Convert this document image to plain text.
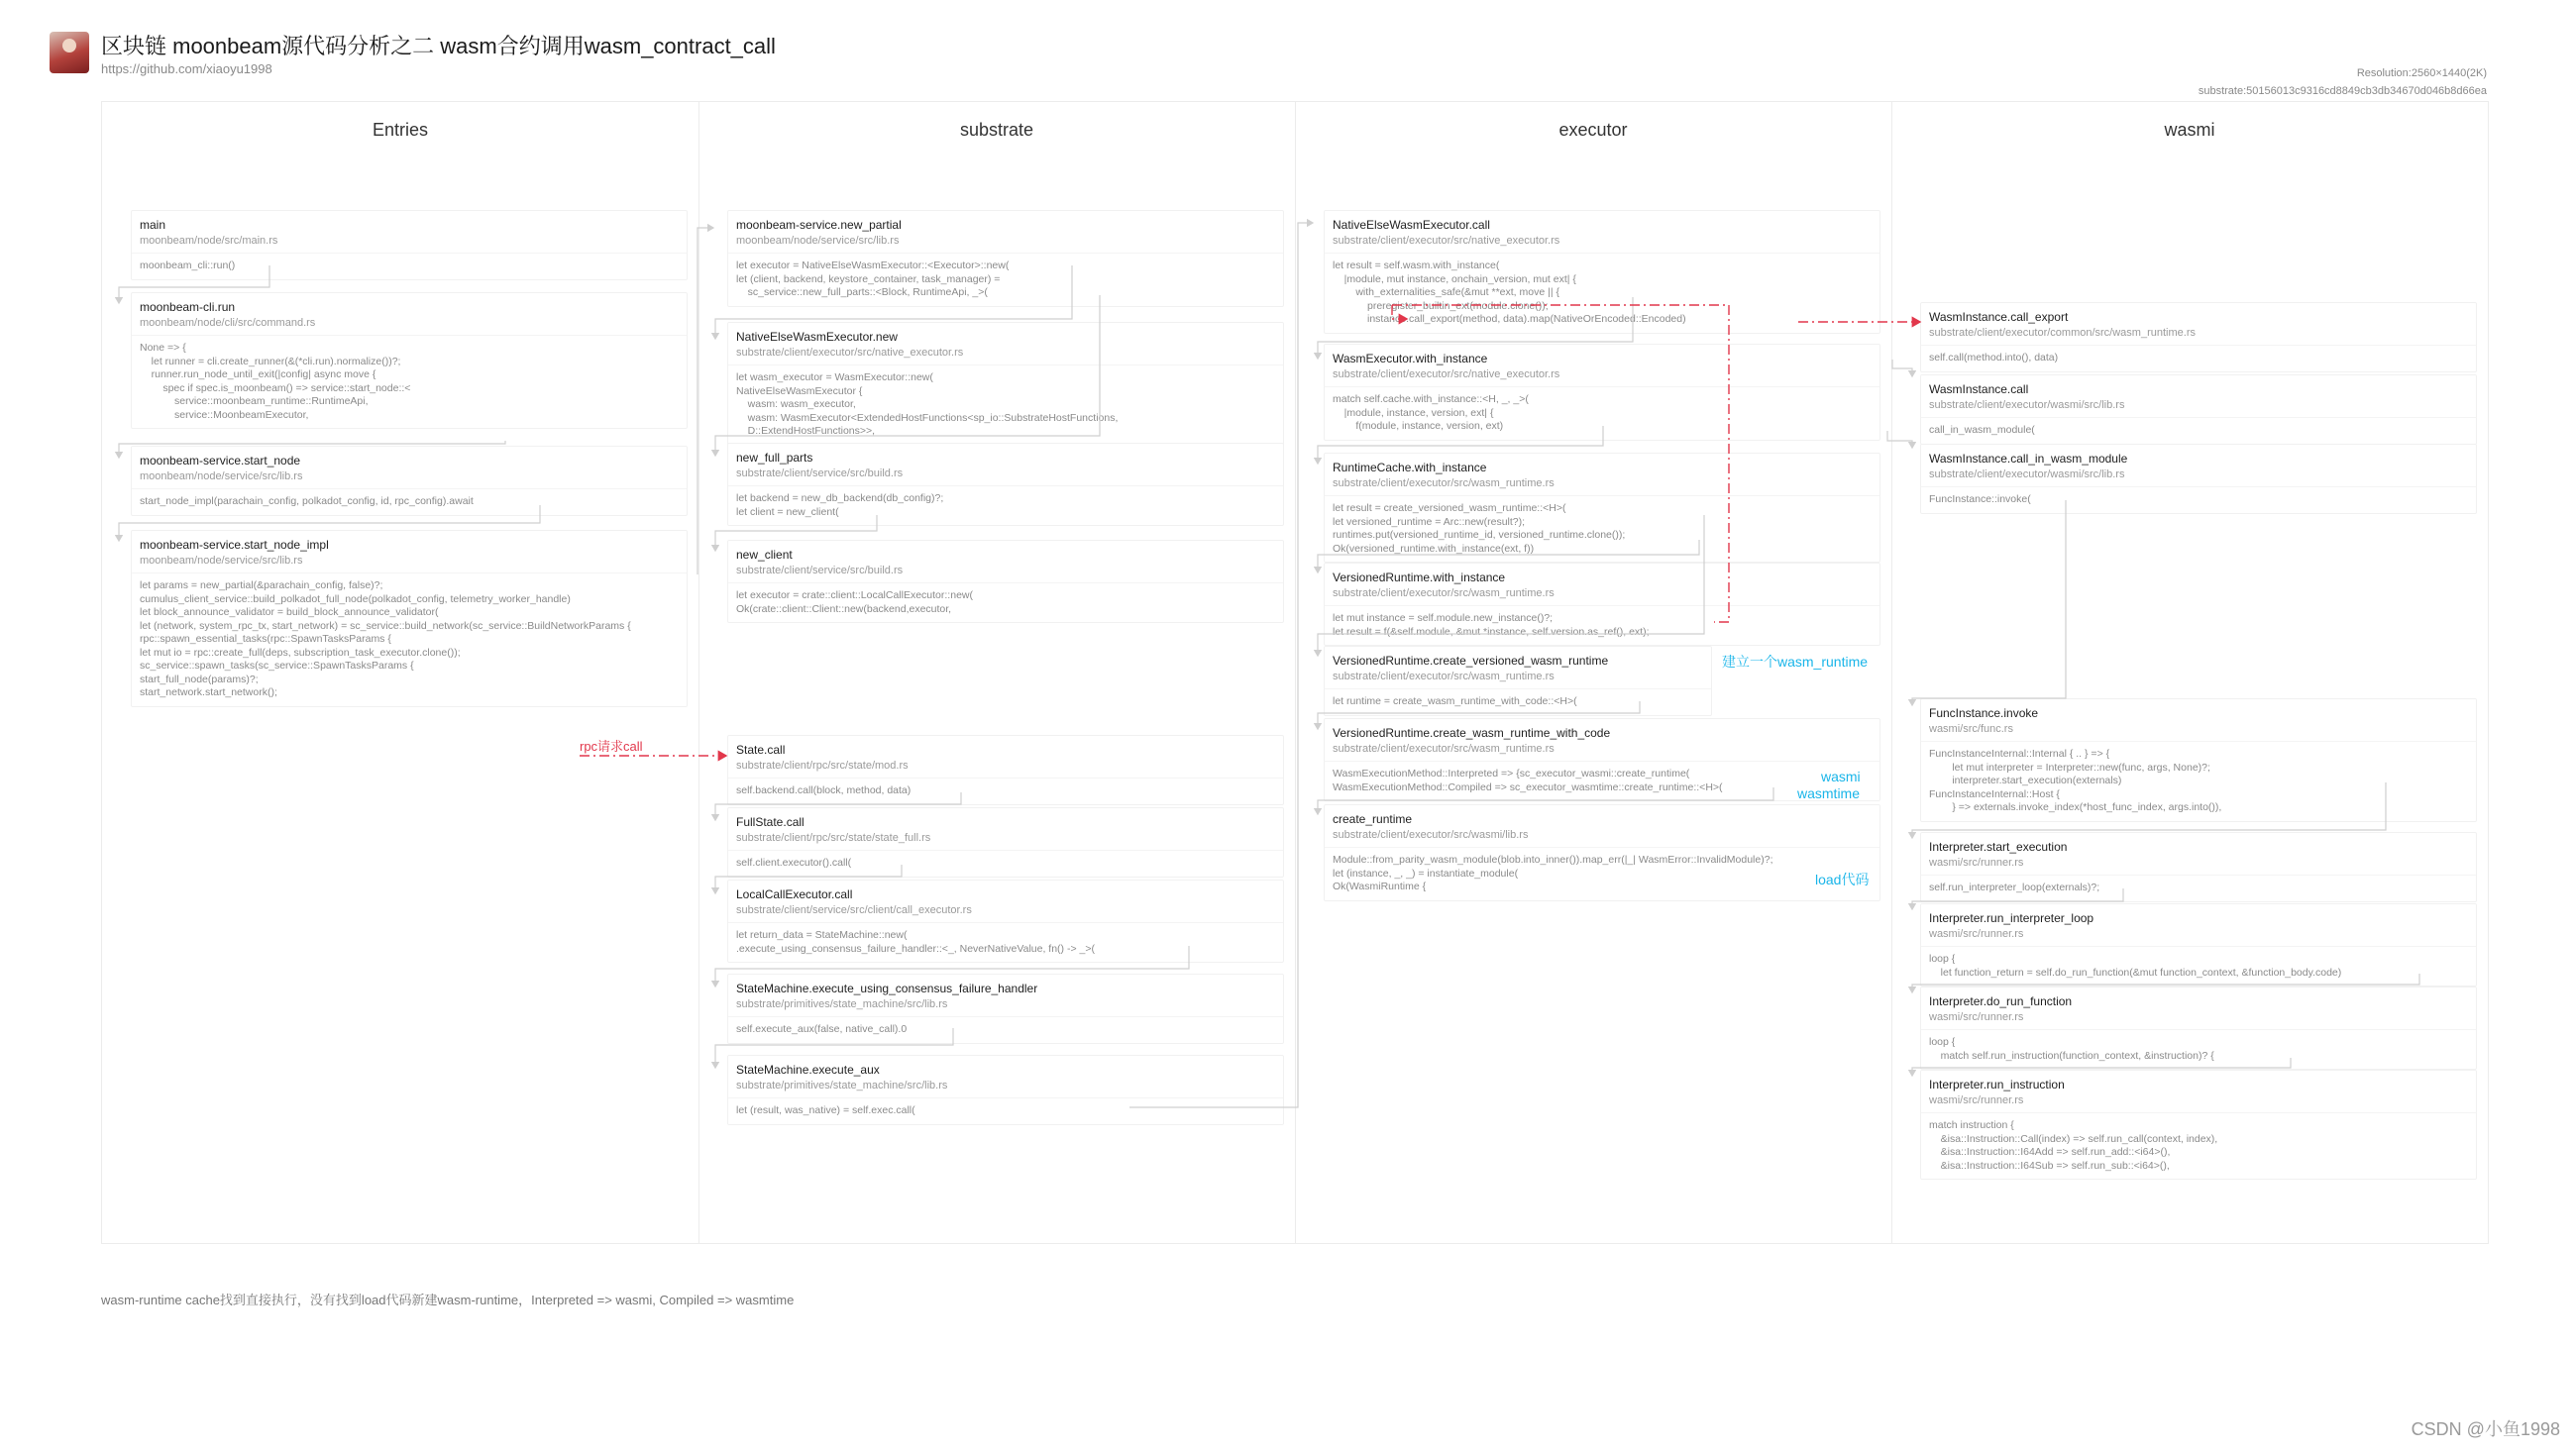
区块链 moonbeam源代码分析之二 wasm合约调用wasm_contract_call
https://github.com/xiaoyu1998	Resolution:2560×1440(2K)
substrate:50156013c9316cd8849cb3db34670d046b8d66ea
Entries	substrate	executor	wasmi
main
moonbeam/node/src/main.rs
moonbeam_cli::run()
moonbeam-cli.run
moonbeam/node/cli/src/command.rs
None => {
let runner = cli.create_runner(&(*cli.run).normalize())?;
runner.run_node_until_exit(|config| async move {
spec if spec.is_moonbeam() => service::start_node::<
service::moonbeam_runtime::RuntimeApi,
service::MoonbeamExecutor,
moonbeam-service.start_node
moonbeam/node/service/src/lib.rs
start_node_impl(parachain_config, polkadot_config, id, rpc_config).await
moonbeam-service.start_node_impl
moonbeam/node/service/src/lib.rs
let params = new_partial(&parachain_config, false)?;
cumulus_client_service::build_polkadot_full_node(polkadot_config, telemetry_worker_handle)
let block_announce_validator = build_block_announce_validator(
let (network, system_rpc_tx, start_network) = sc_service::build_network(sc_service::BuildNetworkParams {
rpc::spawn_essential_tasks(rpc::SpawnTasksParams {
let mut io = rpc::create_full(deps, subscription_task_executor.clone());
sc_service::spawn_tasks(sc_service::SpawnTasksParams {
start_full_node(params)?;
start_network.start_network();
moonbeam-service.new_partial
moonbeam/node/service/src/lib.rs
let executor = NativeElseWasmExecutor::<Executor>::new(
let (client, backend, keystore_container, task_manager) =
sc_service::new_full_parts::<Block, RuntimeApi, _>(
NativeElseWasmExecutor.new
substrate/client/executor/src/native_executor.rs
let wasm_executor = WasmExecutor::new(
NativeElseWasmExecutor {
wasm: wasm_executor,
wasm: WasmExecutor<ExtendedHostFunctions<sp_io::SubstrateHostFunctions,
D::ExtendHostFunctions>>,
new_full_parts
substrate/client/service/src/build.rs
let backend = new_db_backend(db_config)?;
let client = new_client(
new_client
substrate/client/service/src/build.rs
let executor = crate::client::LocalCallExecutor::new(
Ok(crate::client::Client::new(backend,executor,
State.call
substrate/client/rpc/src/state/mod.rs
self.backend.call(block, method, data)
FullState.call
substrate/client/rpc/src/state/state_full.rs
self.client.executor().call(
LocalCallExecutor.call
substrate/client/service/src/client/call_executor.rs
let return_data = StateMachine::new(
.execute_using_consensus_failure_handler::<_, NeverNativeValue, fn() -> _>(
StateMachine.execute_using_consensus_failure_handler
substrate/primitives/state_machine/src/lib.rs
self.execute_aux(false, native_call).0
StateMachine.execute_aux
substrate/primitives/state_machine/src/lib.rs
let (result, was_native) = self.exec.call(
NativeElseWasmExecutor.call
substrate/client/executor/src/native_executor.rs
let result = self.wasm.with_instance(
|module, mut instance, onchain_version, mut ext| {
with_externalities_safe(&mut **ext, move || {
preregister_builtin_ext(module.clone());
instance.call_export(method, data).map(NativeOrEncoded::Encoded)
WasmExecutor.with_instance
substrate/client/executor/src/native_executor.rs
match self.cache.with_instance::<H, _, _>(
|module, instance, version, ext| {
f(module, instance, version, ext)
RuntimeCache.with_instance
substrate/client/executor/src/wasm_runtime.rs
let result = create_versioned_wasm_runtime::<H>(
let versioned_runtime = Arc::new(result?);
runtimes.put(versioned_runtime_id, versioned_runtime.clone());
Ok(versioned_runtime.with_instance(ext, f))
VersionedRuntime.with_instance
substrate/client/executor/src/wasm_runtime.rs
let mut instance = self.module.new_instance()?;
let result = f(&self.module, &mut *instance, self.version.as_ref(), ext);
VersionedRuntime.create_versioned_wasm_runtime
substrate/client/executor/src/wasm_runtime.rs
let runtime = create_wasm_runtime_with_code::<H>(
VersionedRuntime.create_wasm_runtime_with_code
substrate/client/executor/src/wasm_runtime.rs
WasmExecutionMethod::Interpreted => {sc_executor_wasmi::create_runtime(
WasmExecutionMethod::Compiled => sc_executor_wasmtime::create_runtime::<H>(
create_runtime
substrate/client/executor/src/wasmi/lib.rs
Module::from_parity_wasm_module(blob.into_inner()).map_err(|_| WasmError::InvalidModule)?;
let (instance, _, _) = instantiate_module(
Ok(WasmiRuntime {
WasmInstance.call_export
substrate/client/executor/common/src/wasm_runtime.rs
self.call(method.into(), data)
WasmInstance.call
substrate/client/executor/wasmi/src/lib.rs
call_in_wasm_module(
WasmInstance.call_in_wasm_module
substrate/client/executor/wasmi/src/lib.rs
FuncInstance::invoke(
FuncInstance.invoke
wasmi/src/func.rs
FuncInstanceInternal::Internal { .. } => {
let mut interpreter = Interpreter::new(func, args, None)?;
interpreter.start_execution(externals)
FuncInstanceInternal::Host {
} => externals.invoke_index(*host_func_index, args.into()),
Interpreter.start_execution
wasmi/src/runner.rs
self.run_interpreter_loop(externals)?;
Interpreter.run_interpreter_loop
wasmi/src/runner.rs
loop {
let function_return = self.do_run_function(&mut function_context, &function_body.code)
Interpreter.do_run_function
wasmi/src/runner.rs
loop {
match self.run_instruction(function_context, &instruction)? {
Interpreter.run_instruction
wasmi/src/runner.rs
match instruction {
&isa::Instruction::Call(index) => self.run_call(context, index),
&isa::Instruction::I64Add => self.run_add::<i64>(),
&isa::Instruction::I64Sub => self.run_sub::<i64>(),
rpc请求call
建立一个wasm_runtime
wasmi
wasmtime
load代码
wasm-runtime cache找到直接执行，没有找到load代码新建wasm-runtime，Interpreted => wasmi, Compiled => wasmtime
CSDN @小鱼1998
